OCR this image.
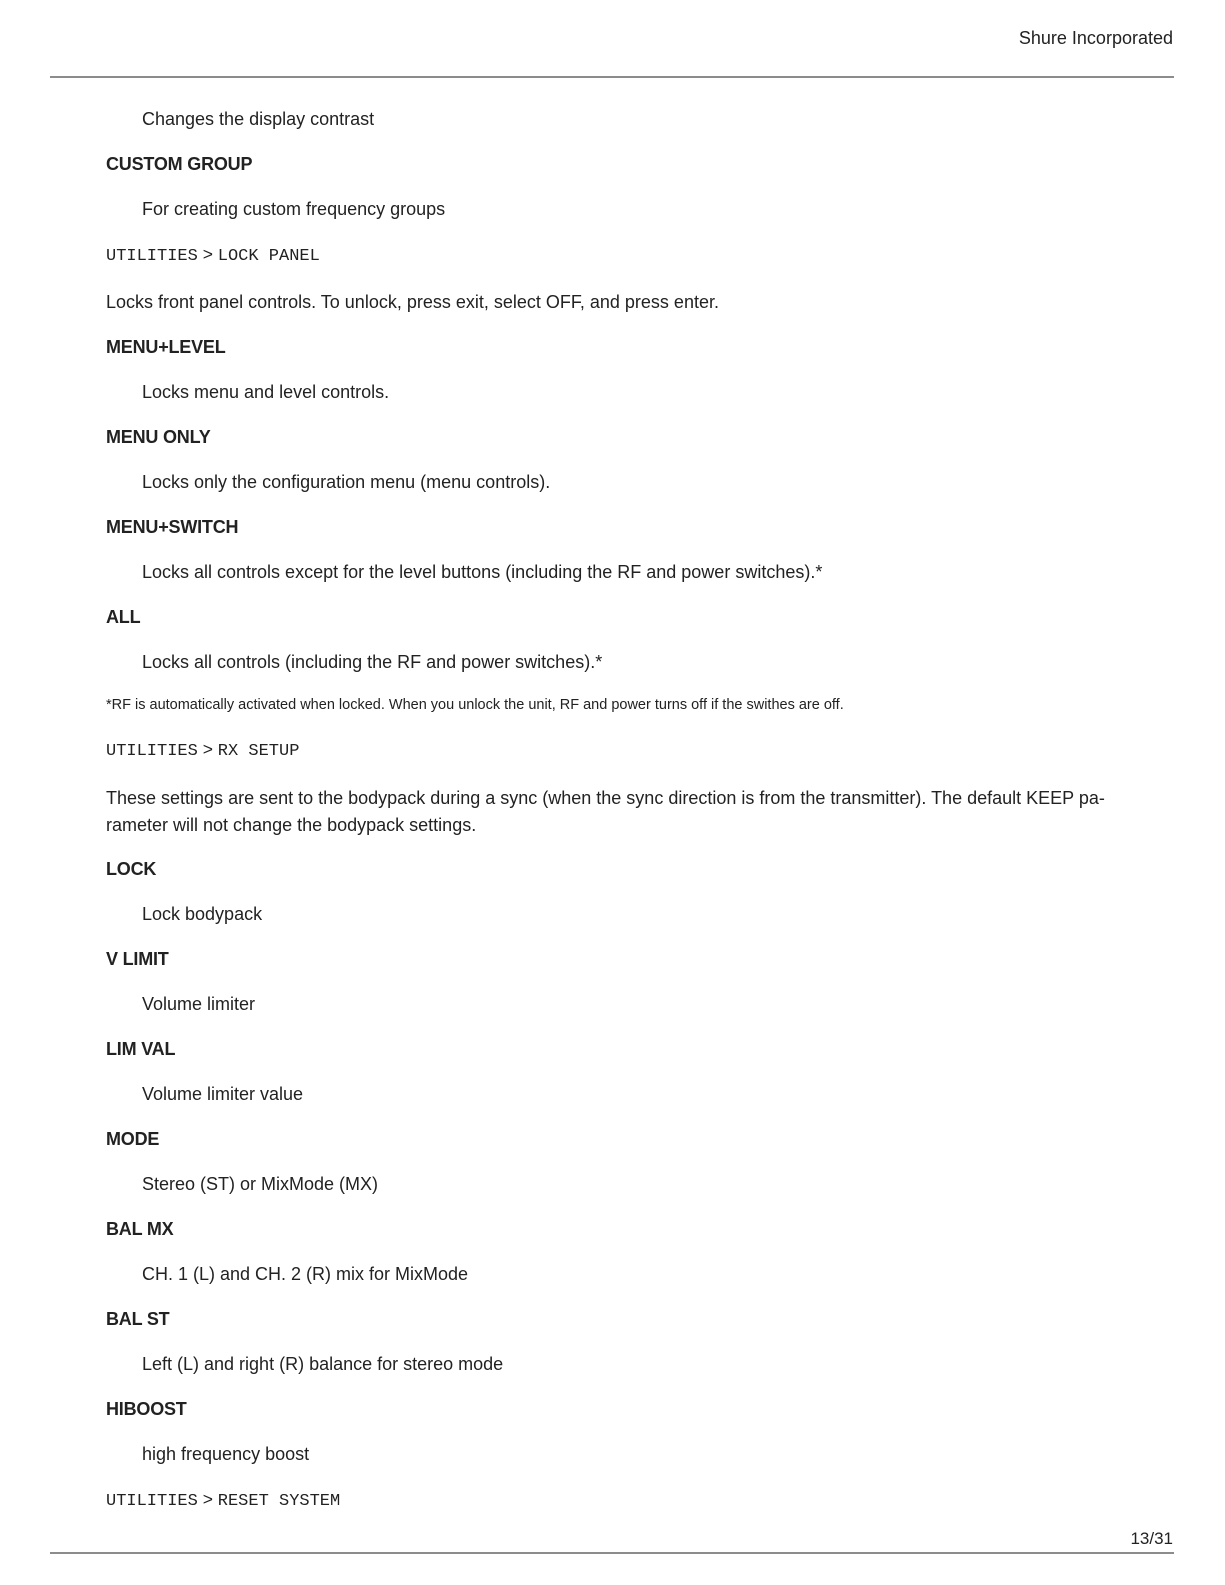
Shure Incorporated
Changes the display contrast
CUSTOM GROUP
For creating custom frequency groups
UTILITIES > LOCK PANEL
Locks front panel controls. To unlock, press exit, select OFF, and press enter.
MENU+LEVEL
Locks menu and level controls.
MENU ONLY
Locks only the configuration menu (menu controls).
MENU+SWITCH
Locks all controls except for the level buttons (including the RF and power switches).*
ALL
Locks all controls (including the RF and power switches).*
*RF is automatically activated when locked. When you unlock the unit, RF and power turns off if the swithes are off.
UTILITIES > RX SETUP
These settings are sent to the bodypack during a sync (when the sync direction is from the transmitter). The default KEEP pa-rameter will not change the bodypack settings.
LOCK
Lock bodypack
V LIMIT
Volume limiter
LIM VAL
Volume limiter value
MODE
Stereo (ST) or MixMode (MX)
BAL MX
CH. 1 (L) and CH. 2 (R) mix for MixMode
BAL ST
Left (L) and right (R) balance for stereo mode
HIBOOST
high frequency boost
UTILITIES > RESET SYSTEM
13/31
